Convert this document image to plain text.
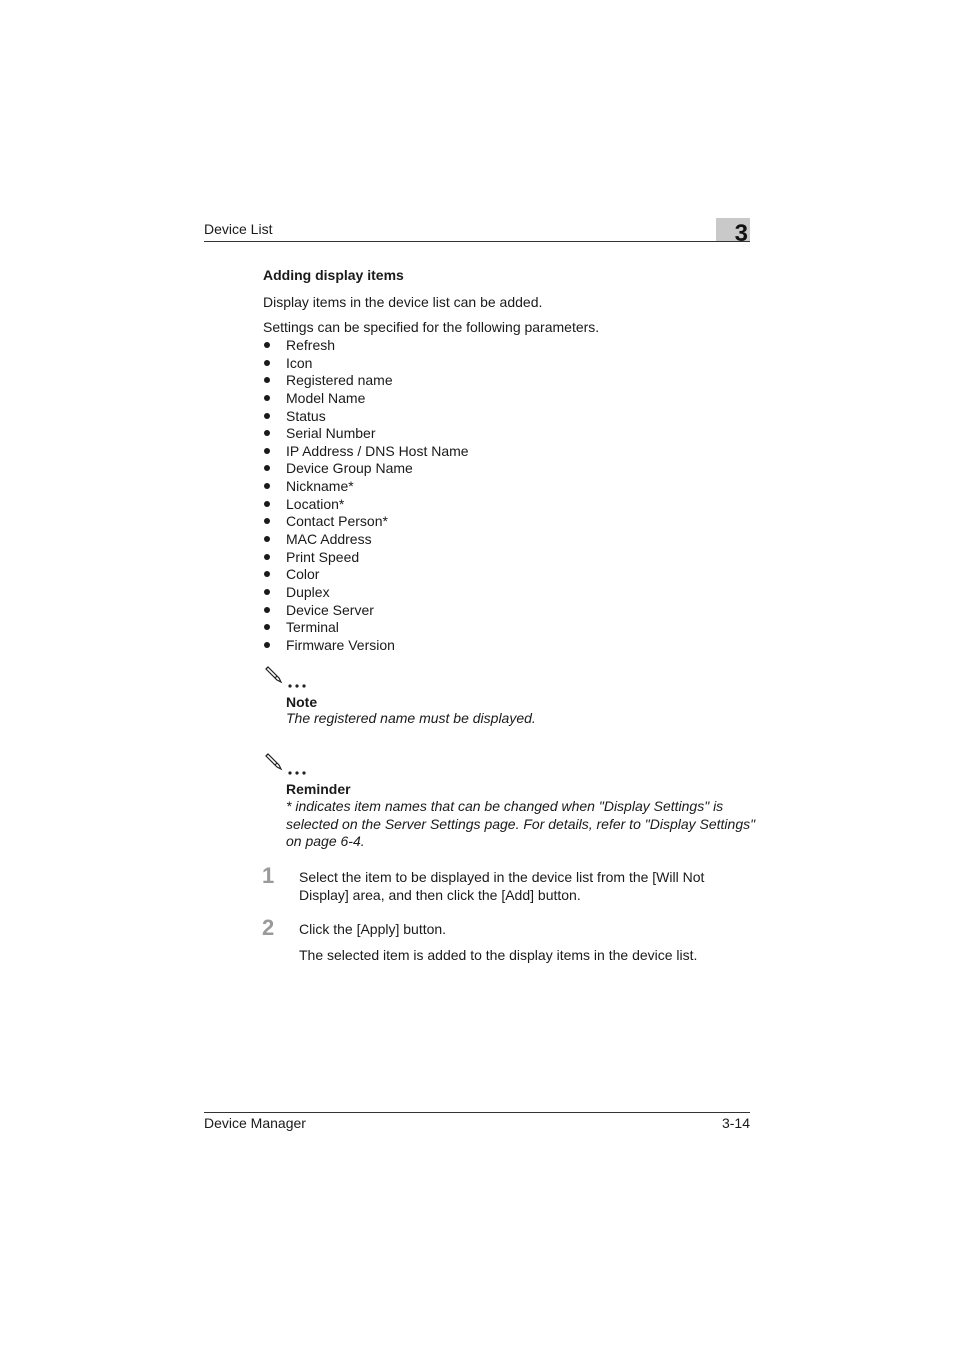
Device List	3
Adding display items
Display items in the device list can be added.
Settings can be specified for the following parameters.
Refresh
Icon
Registered name
Model Name
Status
Serial Number
IP Address / DNS Host Name
Device Group Name
Nickname*
Location*
Contact Person*
MAC Address
Print Speed
Color
Duplex
Device Server
Terminal
Firmware Version
Note
The registered name must be displayed.
Reminder
* indicates item names that can be changed when "Display Settings" is selected on the Server Settings page. For details, refer to "Display Settings" on page 6-4.
1 Select the item to be displayed in the device list from the [Will Not Display] area, and then click the [Add] button.
2 Click the [Apply] button.
The selected item is added to the display items in the device list.
Device Manager	3-14
